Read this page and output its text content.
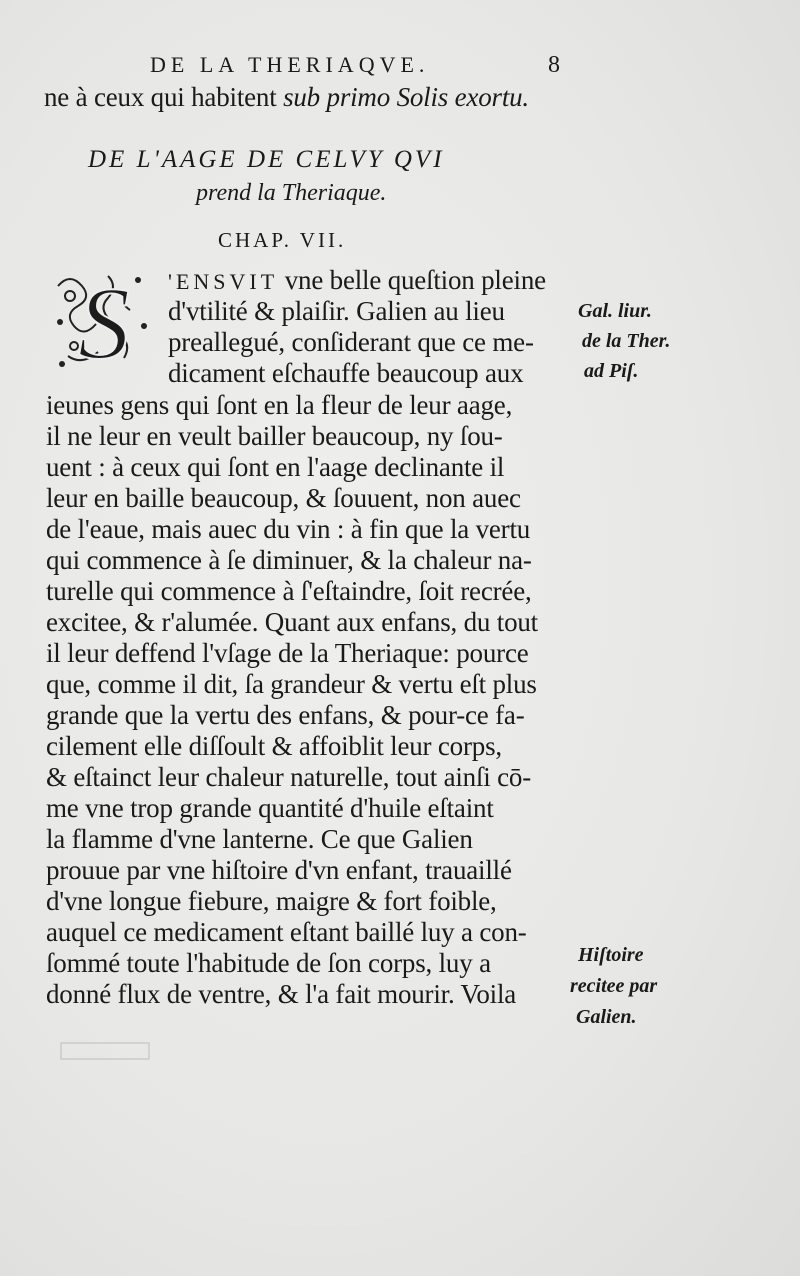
DE LA THERIAQVE.	8
ne à ceux qui habitent sub primo Solis exortu.
DE L'AAGE DE CELVY QVI
prend la Theriaque.
CHAP. VII.
S 'ENSVIT vne belle queſtion pleine
d'vtilité & plaiſir. Galien au lieu
preallegué, conſiderant que ce me-
dicament eſchauffe beaucoup aux
ieunes gens qui ſont en la fleur de leur aage,
il ne leur en veult bailler beaucoup, ny ſou-
uent : à ceux qui ſont en l'aage declinante il
leur en baille beaucoup, & ſouuent, non auec
de l'eaue, mais auec du vin : à fin que la vertu
qui commence à ſe diminuer, & la chaleur na-
turelle qui commence à ſ'eſtaindre, ſoit recrée,
excitee, & r'alumée. Quant aux enfans, du tout
il leur deffend l'vſage de la Theriaque: pource
que, comme il dit, ſa grandeur & vertu eſt plus
grande que la vertu des enfans, & pour-ce fa-
cilement elle diſſoult & affoiblit leur corps,
& eſtainct leur chaleur naturelle, tout ainſi cō-
me vne trop grande quantité d'huile eſtaint
la flamme d'vne lanterne. Ce que Galien
prouue par vne hiſtoire d'vn enfant, trauaillé
d'vne longue fiebure, maigre & fort foible,
auquel ce medicament eſtant baillé luy a con-
ſommé toute l'habitude de ſon corps, luy a
donné flux de ventre, & l'a fait mourir. Voila
Gal. liur.
de la Ther.
ad Piſ.
Hiſtoire
recitee par
Galien.
